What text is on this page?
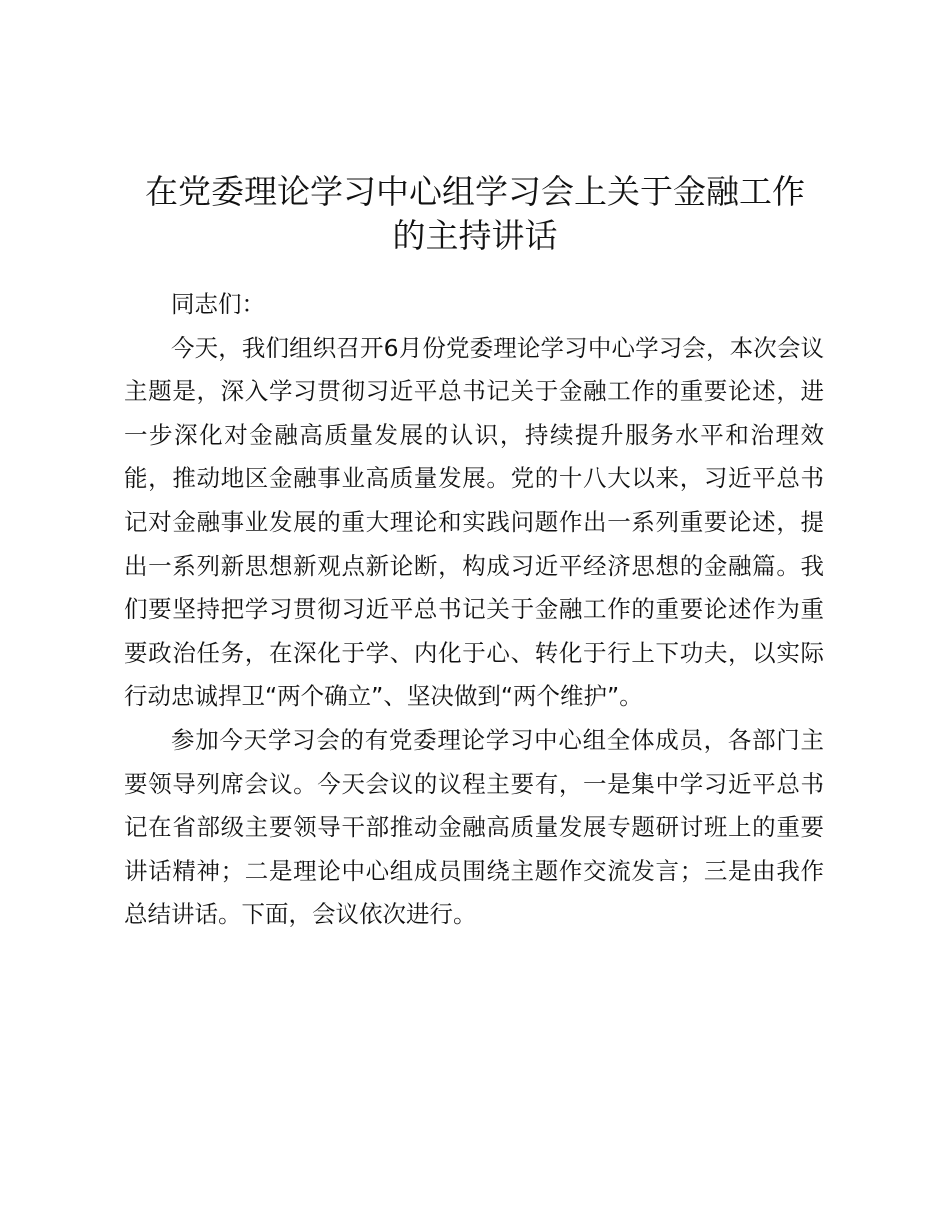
在党委理论学习中心组学习会上关于金融工作
的主持讲话

同志们：

今天，我们组织召开6月份党委理论学习中心学习会，本次会议主题是，深入学习贯彻习近平总书记关于金融工作的重要论述，进一步深化对金融高质量发展的认识，持续提升服务水平和治理效能，推动地区金融事业高质量发展。党的十八大以来，习近平总书记对金融事业发展的重大理论和实践问题作出一系列重要论述，提出一系列新思想新观点新论断，构成习近平经济思想的金融篇。我们要坚持把学习贯彻习近平总书记关于金融工作的重要论述作为重要政治任务，在深化于学、内化于心、转化于行上下功夫，以实际行动忠诚捍卫“两个确立”、坚决做到“两个维护”。

参加今天学习会的有党委理论学习中心组全体成员，各部门主要领导列席会议。今天会议的议程主要有，一是集中学习近平总书记在省部级主要领导干部推动金融高质量发展专题研讨班上的重要讲话精神；二是理论中心组成员围绕主题作交流发言；三是由我作总结讲话。下面，会议依次进行。
